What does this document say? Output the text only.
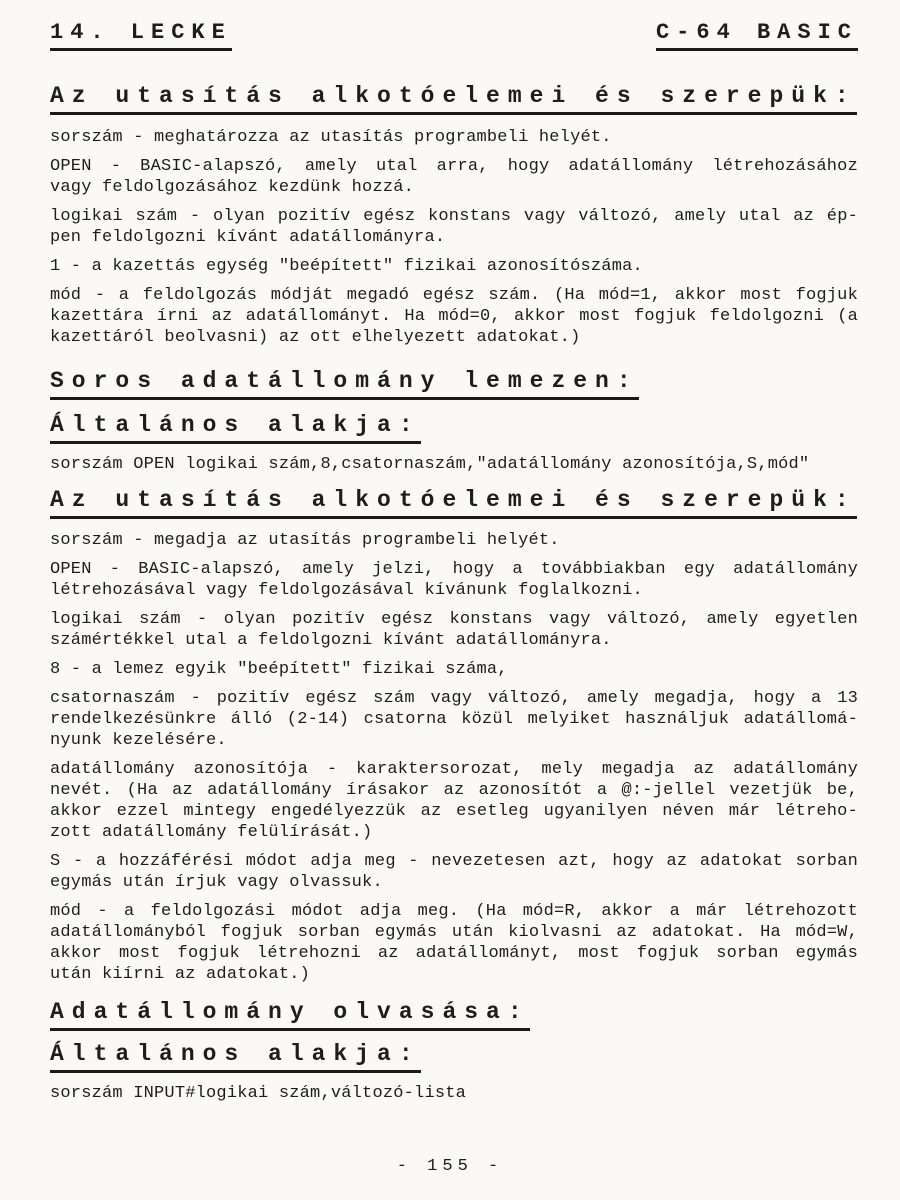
14. LECKE	C-64 BASIC
Az utasítás alkotóelemei és szerepük:
sorszám - meghatározza az utasítás programbeli helyét.
OPEN - BASIC-alapszó, amely utal arra, hogy adatállomány létrehozásához
vagy feldolgozásához kezdünk hozzá.
logikai szám - olyan pozitív egész konstans vagy változó, amely utal az ép-
pen feldolgozni kívánt adatállományra.
1 - a kazettás egység "beépített" fizikai azonosítószáma.
mód - a feldolgozás módját megadó egész szám. (Ha mód=1, akkor most fogjuk
kazettára írni az adatállományt. Ha mód=0, akkor most fogjuk feldolgozni (a
kazettáról beolvasni) az ott elhelyezett adatokat.)
Soros adatállomány lemezen:
Általános alakja:
sorszám OPEN logikai szám,8,csatornaszám,"adatállomány azonosítója,S,mód"
Az utasítás alkotóelemei és szerepük:
sorszám - megadja az utasítás programbeli helyét.
OPEN - BASIC-alapszó, amely jelzi, hogy a továbbiakban egy adatállomány
létrehozásával vagy feldolgozásával kívánunk foglalkozni.
logikai szám - olyan pozitív egész konstans vagy változó, amely egyetlen
számértékkel utal a feldolgozni kívánt adatállományra.
8 - a lemez egyik "beépített" fizikai száma,
csatornaszám - pozitív egész szám vagy változó, amely megadja, hogy a 13
rendelkezésünkre álló (2-14) csatorna közül melyiket használjuk adatállomá-
nyunk kezelésére.
adatállomány azonosítója - karaktersorozat, mely megadja az adatállomány
nevét. (Ha az adatállomány írásakor az azonosítót a @:-jellel vezetjük be,
akkor ezzel mintegy engedélyezzük az esetleg ugyanilyen néven már létreho-
zott adatállomány felülírását.)
S - a hozzáférési módot adja meg - nevezetesen azt, hogy az adatokat sorban
egymás után írjuk vagy olvassuk.
mód - a feldolgozási módot adja meg. (Ha mód=R, akkor a már létrehozott
adatállományból fogjuk sorban egymás után kiolvasni az adatokat. Ha mód=W,
akkor most fogjuk létrehozni az adatállományt, most fogjuk sorban egymás
után kiírni az adatokat.)
Adatállomány olvasása:
Általános alakja:
sorszám INPUT#logikai szám,változó-lista
- 155 -
